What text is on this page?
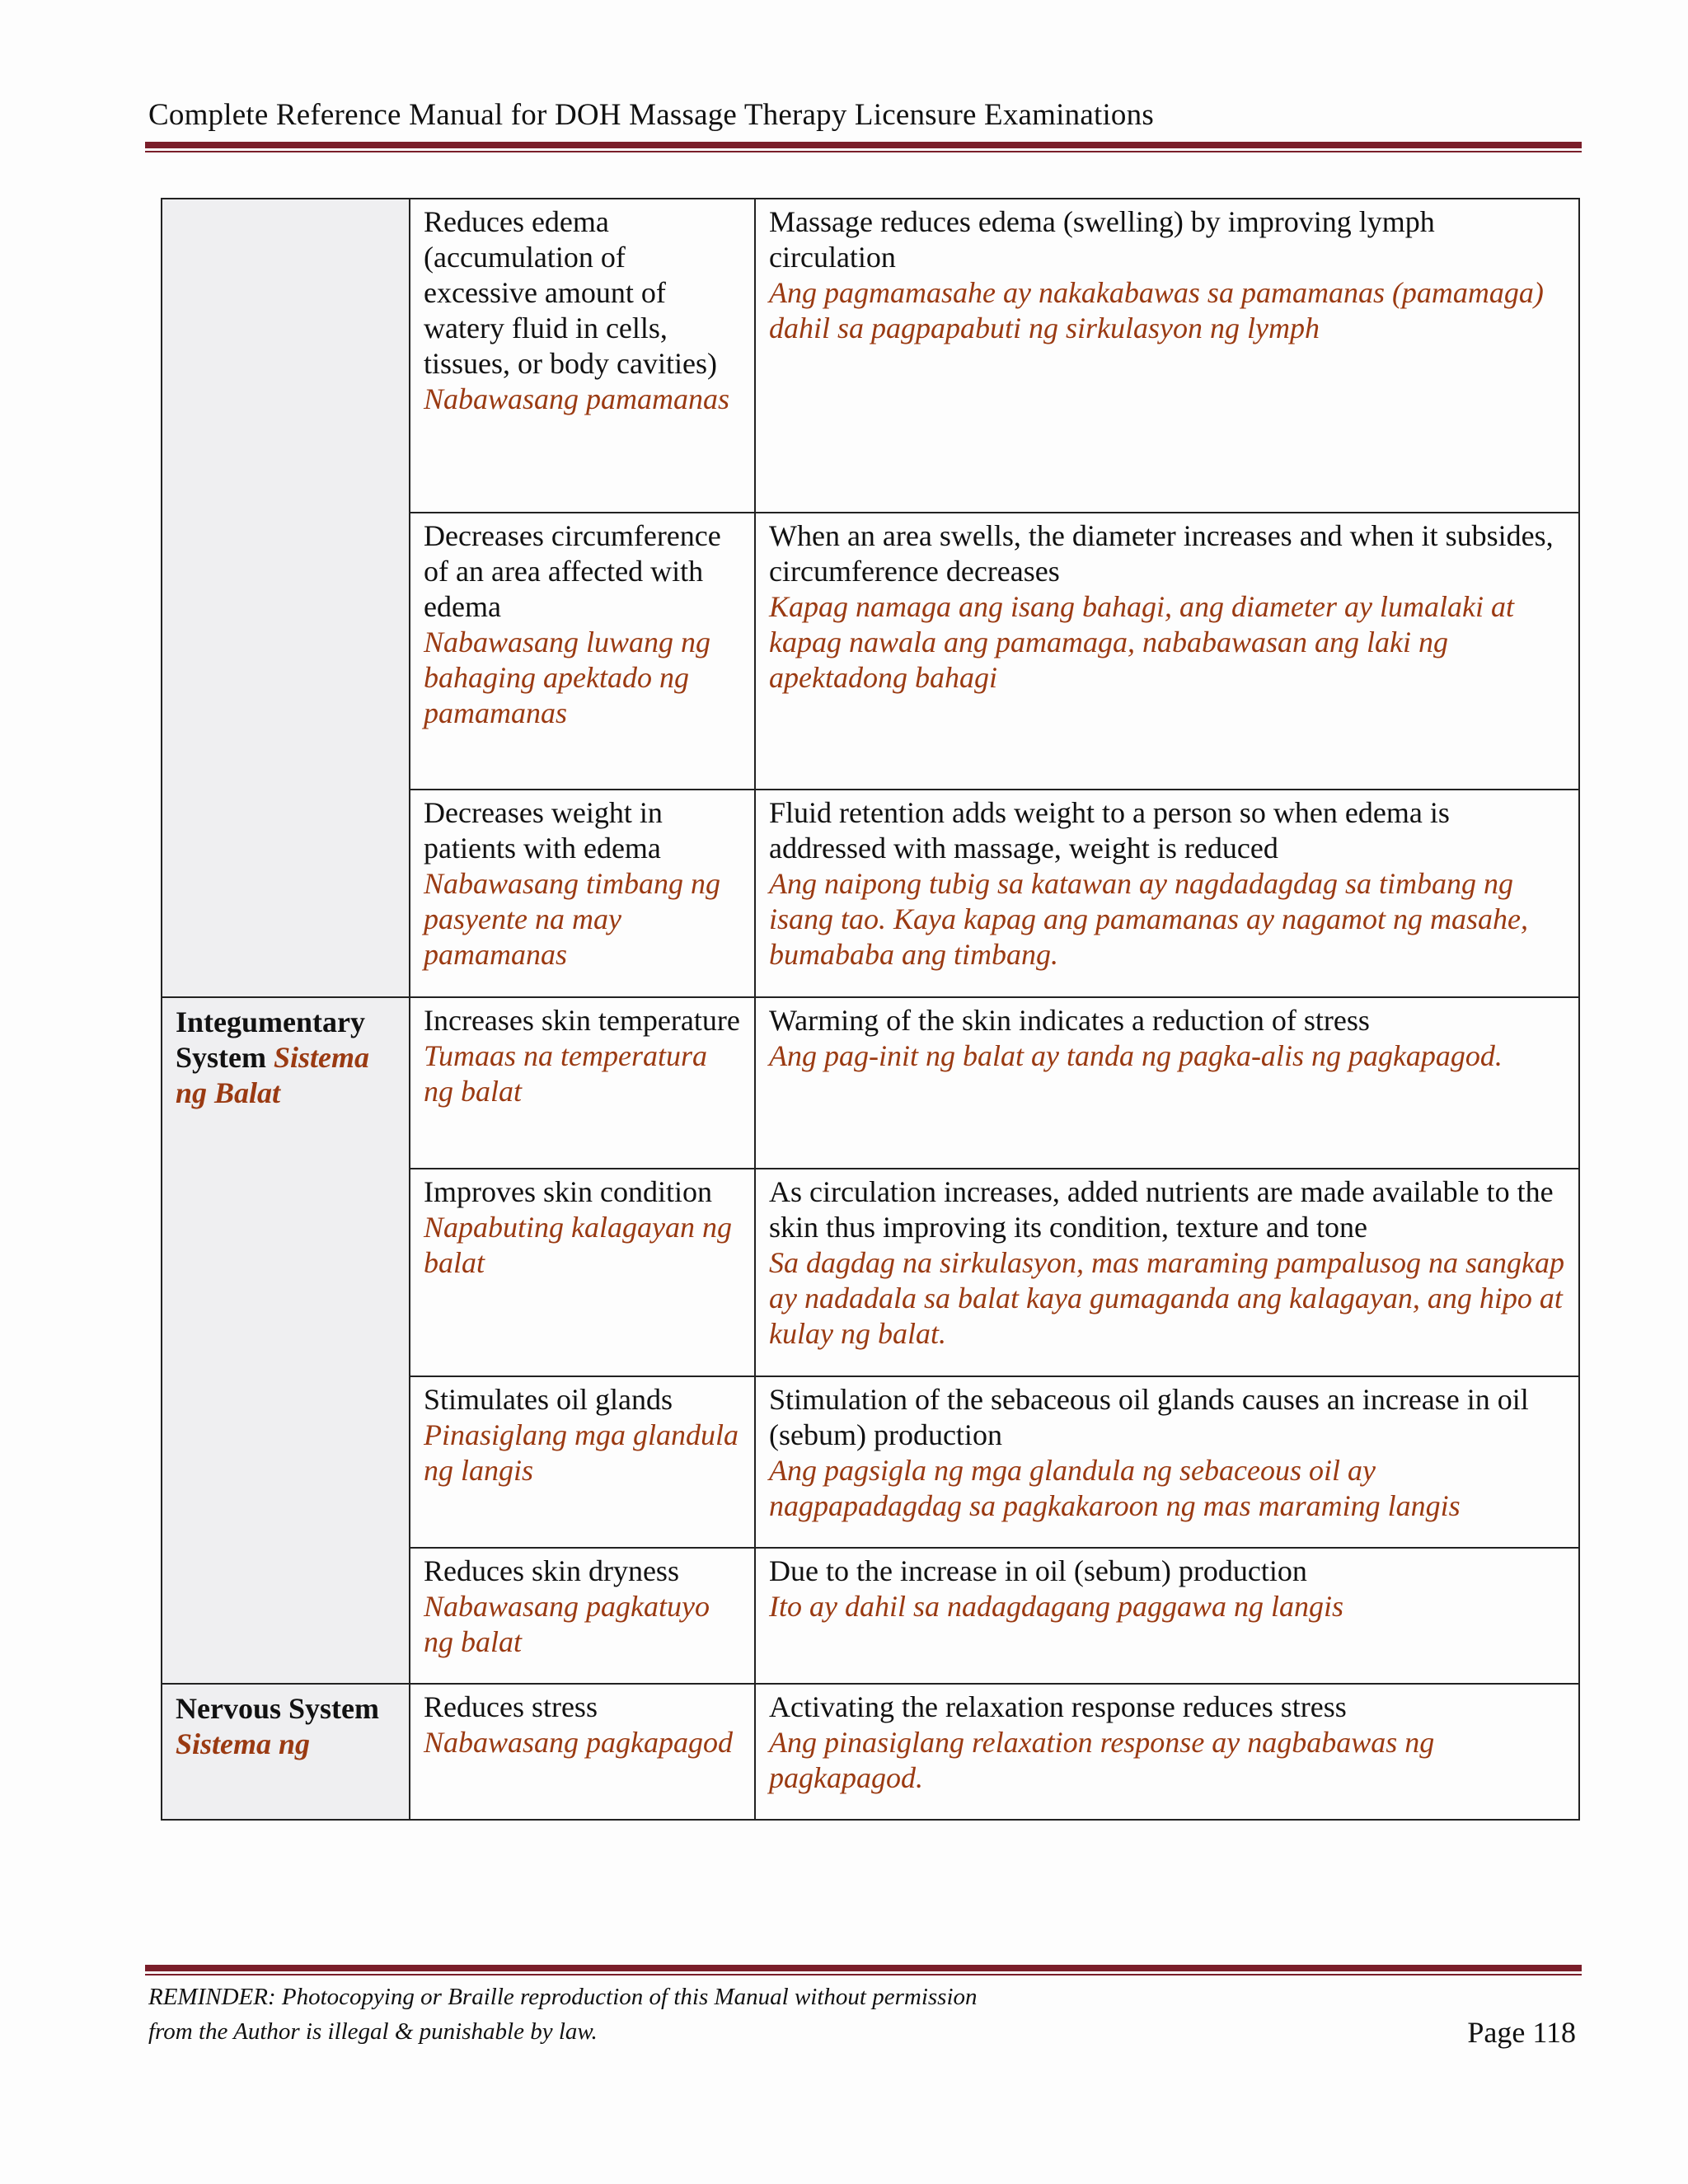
Complete Reference Manual for DOH Massage Therapy Licensure Examinations

	Reduces edema (accumulation of excessive amount of watery fluid in cells, tissues, or body cavities)
Nabawasang pamamanas	Massage reduces edema (swelling) by improving lymph circulation
Ang pagmamasahe ay nakakabawas sa pamamanas (pamamaga) dahil sa pagpapabuti ng sirkulasyon ng lymph

	Decreases circumference of an area affected with edema
Nabawasang luwang ng bahaging apektado ng pamamanas	When an area swells, the diameter increases and when it subsides, circumference decreases
Kapag namaga ang isang bahagi, ang diameter ay lumalaki at kapag nawala ang pamamaga, nababawasan ang laki ng apektadong bahagi

	Decreases weight in patients with edema
Nabawasang timbang ng pasyente na may pamamanas	Fluid retention adds weight to a person so when edema is addressed with massage, weight is reduced
Ang naipong tubig sa katawan ay nagdadagdag sa timbang ng isang tao. Kaya kapag ang pamamanas ay nagamot ng masahe, bumababa ang timbang.

Integumentary System Sistema ng Balat	Increases skin temperature
Tumaas na temperatura ng balat	Warming of the skin indicates a reduction of stress
Ang pag-init ng balat ay tanda ng pagka-alis ng pagkapagod.

	Improves skin condition
Napabuting kalagayan ng balat	As circulation increases, added nutrients are made available to the skin thus improving its condition, texture and tone
Sa dagdag na sirkulasyon, mas maraming pampalusog na sangkap ay nadadala sa balat kaya gumaganda ang kalagayan, ang hipo at kulay ng balat.

	Stimulates oil glands
Pinasiglang mga glandula ng langis	Stimulation of the sebaceous oil glands causes an increase in oil (sebum) production
Ang pagsigla ng mga glandula ng sebaceous oil ay nagpapadagdag sa pagkakaroon ng mas maraming langis

	Reduces skin dryness
Nabawasang pagkatuyo ng balat	Due to the increase in oil (sebum) production
Ito ay dahil sa nadagdagang paggawa ng langis

Nervous System
Sistema ng	Reduces stress
Nabawasang pagkapagod	Activating the relaxation response reduces stress
Ang pinasiglang relaxation response ay nagbabawas ng pagkapagod.
REMINDER: Photocopying or Braille reproduction of this Manual without permission
from the Author is illegal & punishable by law.	Page 118
